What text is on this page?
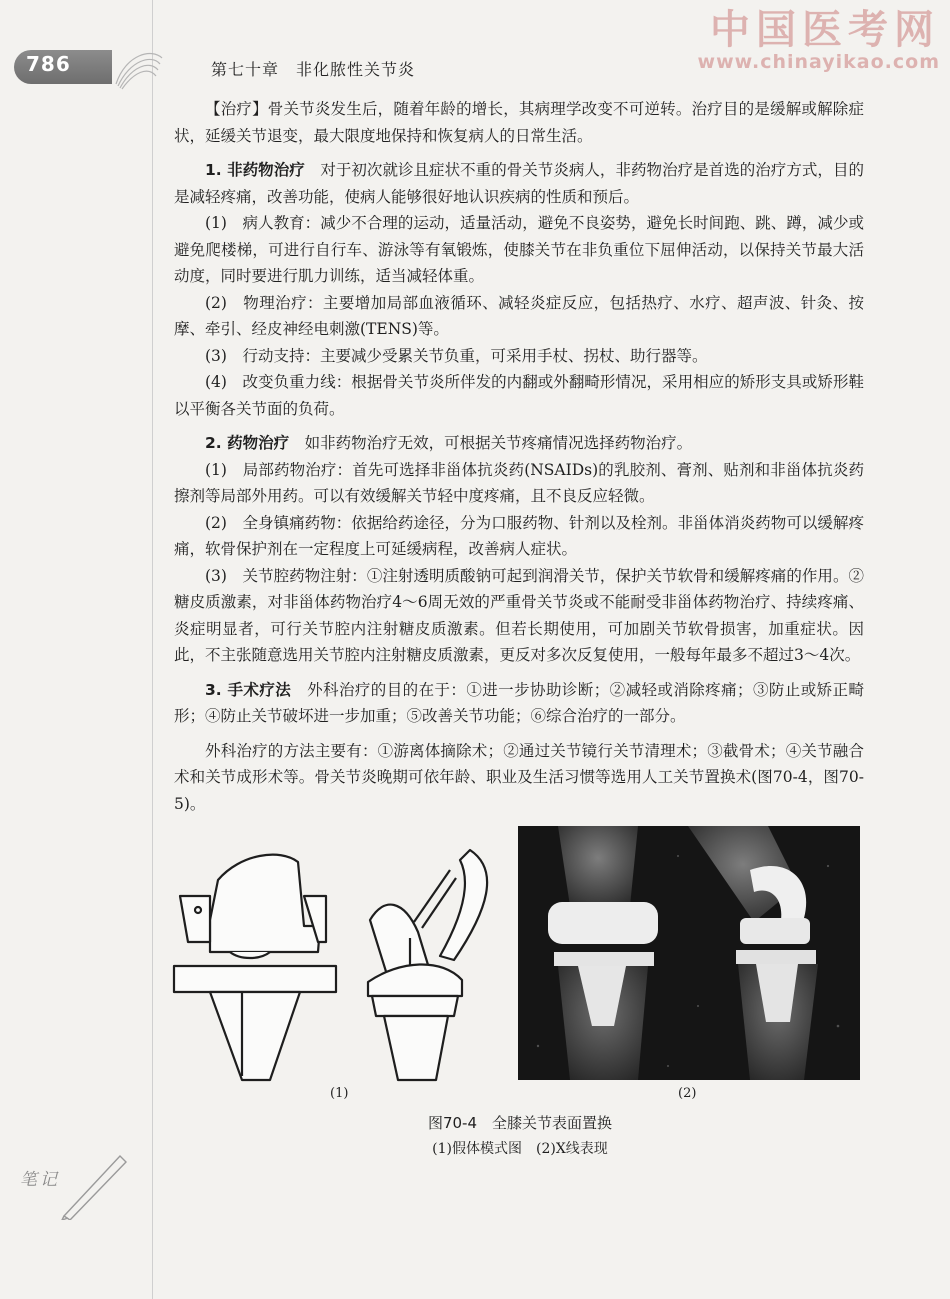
786	第七十章　非化脓性关节炎
中国医考网
www.chinayikao.com

【治疗】骨关节炎发生后，随着年龄的增长，其病理学改变不可逆转。治疗目的是缓解或解除症状，延缓关节退变，最大限度地保持和恢复病人的日常生活。

1. 非药物治疗　对于初次就诊且症状不重的骨关节炎病人，非药物治疗是首选的治疗方式，目的是减轻疼痛，改善功能，使病人能够很好地认识疾病的性质和预后。

(1)　病人教育：减少不合理的运动，适量活动，避免不良姿势，避免长时间跑、跳、蹲，减少或避免爬楼梯，可进行自行车、游泳等有氧锻炼，使膝关节在非负重位下屈伸活动，以保持关节最大活动度，同时要进行肌力训练，适当减轻体重。

(2)　物理治疗：主要增加局部血液循环、减轻炎症反应，包括热疗、水疗、超声波、针灸、按摩、牵引、经皮神经电刺激(TENS)等。

(3)　行动支持：主要减少受累关节负重，可采用手杖、拐杖、助行器等。

(4)　改变负重力线：根据骨关节炎所伴发的内翻或外翻畸形情况，采用相应的矫形支具或矫形鞋以平衡各关节面的负荷。

2. 药物治疗　如非药物治疗无效，可根据关节疼痛情况选择药物治疗。

(1)　局部药物治疗：首先可选择非甾体抗炎药(NSAIDs)的乳胶剂、膏剂、贴剂和非甾体抗炎药擦剂等局部外用药。可以有效缓解关节轻中度疼痛，且不良反应轻微。

(2)　全身镇痛药物：依据给药途径，分为口服药物、针剂以及栓剂。非甾体消炎药物可以缓解疼痛，软骨保护剂在一定程度上可延缓病程，改善病人症状。

(3)　关节腔药物注射：①注射透明质酸钠可起到润滑关节，保护关节软骨和缓解疼痛的作用。②糖皮质激素，对非甾体药物治疗4～6周无效的严重骨关节炎或不能耐受非甾体药物治疗、持续疼痛、炎症明显者，可行关节腔内注射糖皮质激素。但若长期使用，可加剧关节软骨损害，加重症状。因此，不主张随意选用关节腔内注射糖皮质激素，更反对多次反复使用，一般每年最多不超过3～4次。

3. 手术疗法　外科治疗的目的在于：①进一步协助诊断；②减轻或消除疼痛；③防止或矫正畸形；④防止关节破坏进一步加重；⑤改善关节功能；⑥综合治疗的一部分。

外科治疗的方法主要有：①游离体摘除术；②通过关节镜行关节清理术；③截骨术；④关节融合术和关节成形术等。骨关节炎晚期可依年龄、职业及生活习惯等选用人工关节置换术(图70-4，图70-5)。

(1)	(2)
图70-4　全膝关节表面置换
(1)假体模式图　(2)X线表现
笔记
